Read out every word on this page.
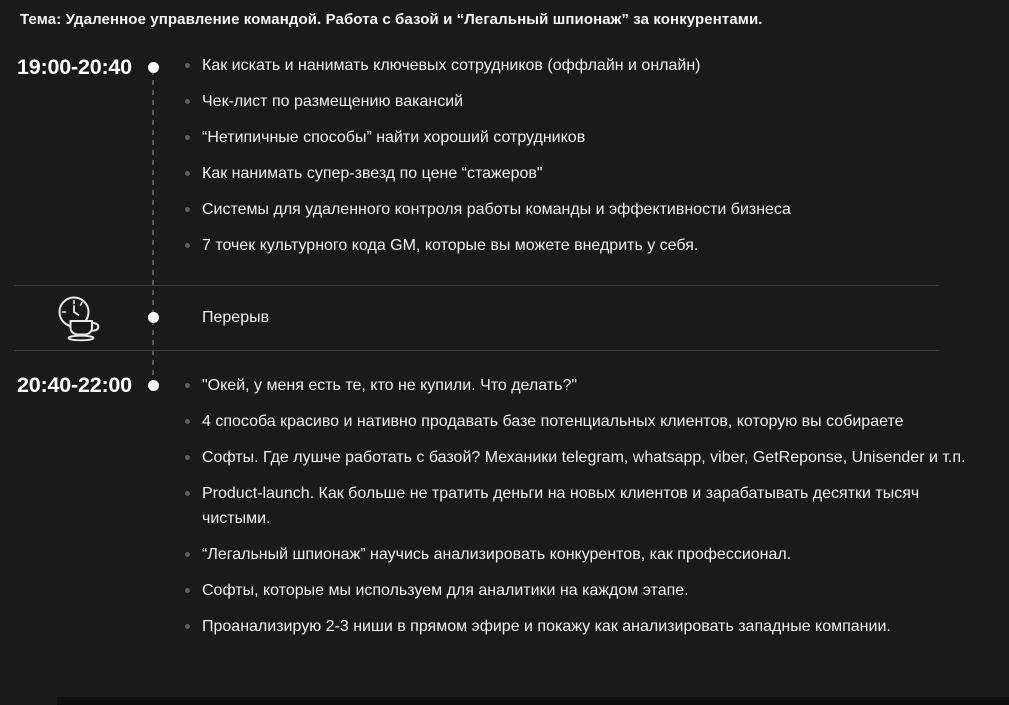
Тема: Удаленное управление командой. Работа с базой и “Легальный шпионаж” за конкурентами.
19:00-20:40	Как искать и нанимать ключевых сотрудников (оффлайн и онлайн)
Чек-лист по размещению вакансий
“Нетипичные способы” найти хороший сотрудников
Как нанимать супер-звезд по цене “стажеров"
Системы для удаленного контроля работы команды и эффективности бизнеса
7 точек культурного кода GM, которые вы можете внедрить у себя.
Перерыв
20:40-22:00	"Окей, у меня есть те, кто не купили. Что делать?"
4 способа красиво и нативно продавать базе потенциальных клиентов, которую вы собираете
Софты. Где лушче работать с базой? Механики telegram, whatsapp, viber, GetReponse, Unisender и т.п.
Product-launch. Как больше не тратить деньги на новых клиентов и зарабатывать десятки тысяч чистыми.
“Легальный шпионаж” научись анализировать конкурентов, как профессионал.
Софты, которые мы используем для аналитики на каждом этапе.
Проанализирую 2-3 ниши в прямом эфире и покажу как анализировать западные компании.
